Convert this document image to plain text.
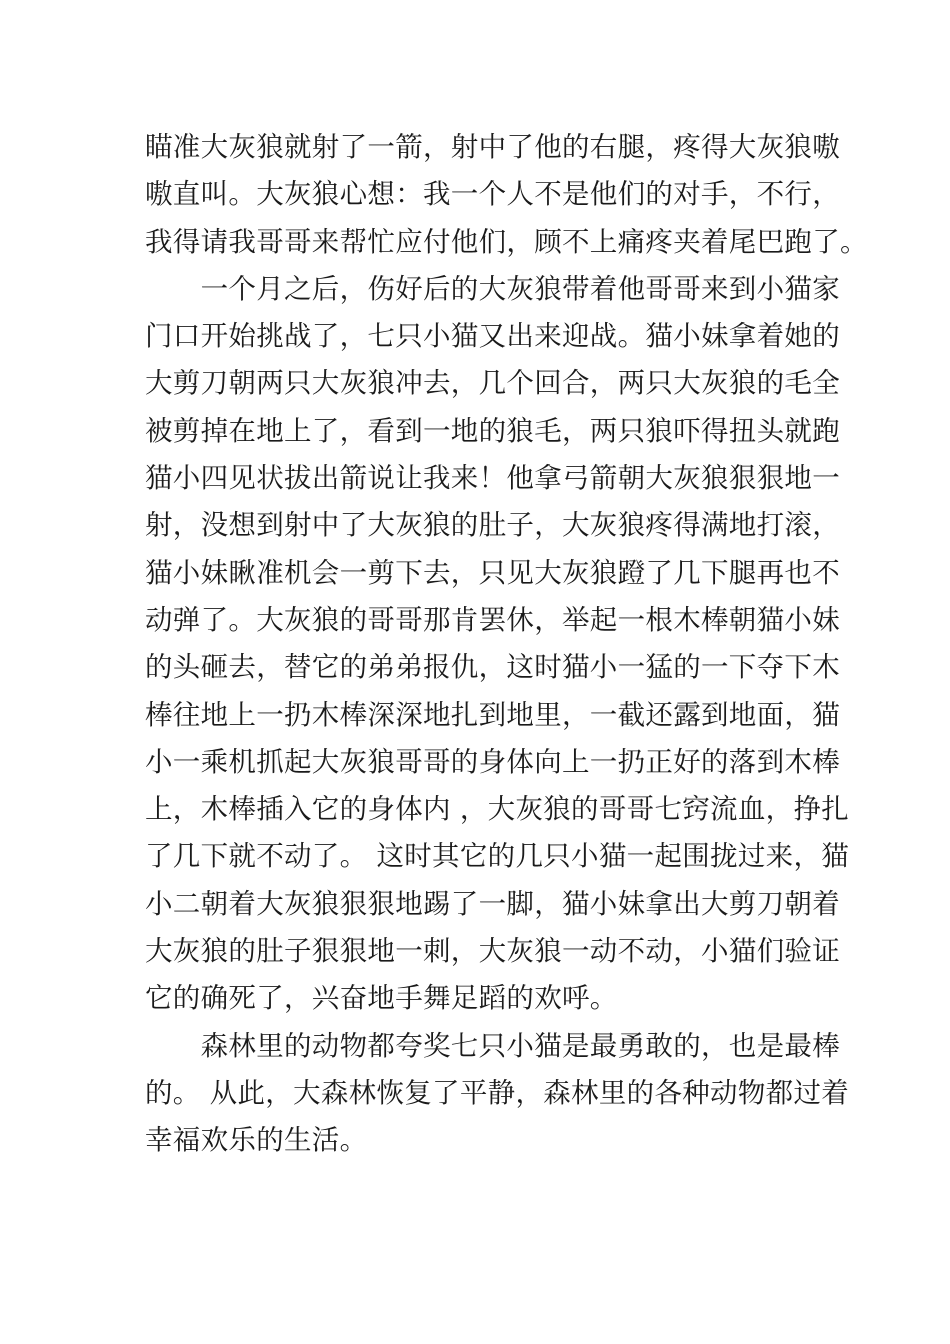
瞄准大灰狼就射了一箭，射中了他的右腿，疼得大灰狼嗷
嗷直叫。大灰狼心想：我一个人不是他们的对手，不行，
我得请我哥哥来帮忙应付他们，顾不上痛疼夹着尾巴跑了。
　　一个月之后，伤好后的大灰狼带着他哥哥来到小猫家
门口开始挑战了，七只小猫又出来迎战。猫小妹拿着她的
大剪刀朝两只大灰狼冲去，几个回合，两只大灰狼的毛全
被剪掉在地上了，看到一地的狼毛，两只狼吓得扭头就跑
猫小四见状拔出箭说让我来！他拿弓箭朝大灰狼狠狠地一
射，没想到射中了大灰狼的肚子，大灰狼疼得满地打滚，
猫小妹瞅准机会一剪下去，只见大灰狼蹬了几下腿再也不
动弹了。大灰狼的哥哥那肯罢休，举起一根木棒朝猫小妹
的头砸去，替它的弟弟报仇，这时猫小一猛的一下夺下木
棒往地上一扔木棒深深地扎到地里，一截还露到地面，猫
小一乘机抓起大灰狼哥哥的身体向上一扔正好的落到木棒
上，木棒插入它的身体内 ，大灰狼的哥哥七窍流血，挣扎
了几下就不动了。 这时其它的几只小猫一起围拢过来，猫
小二朝着大灰狼狠狠地踢了一脚，猫小妹拿出大剪刀朝着
大灰狼的肚子狠狠地一刺，大灰狼一动不动，小猫们验证
它的确死了，兴奋地手舞足蹈的欢呼。
　　森林里的动物都夸奖七只小猫是最勇敢的，也是最棒
的。 从此，大森林恢复了平静，森林里的各种动物都过着
幸福欢乐的生活。
